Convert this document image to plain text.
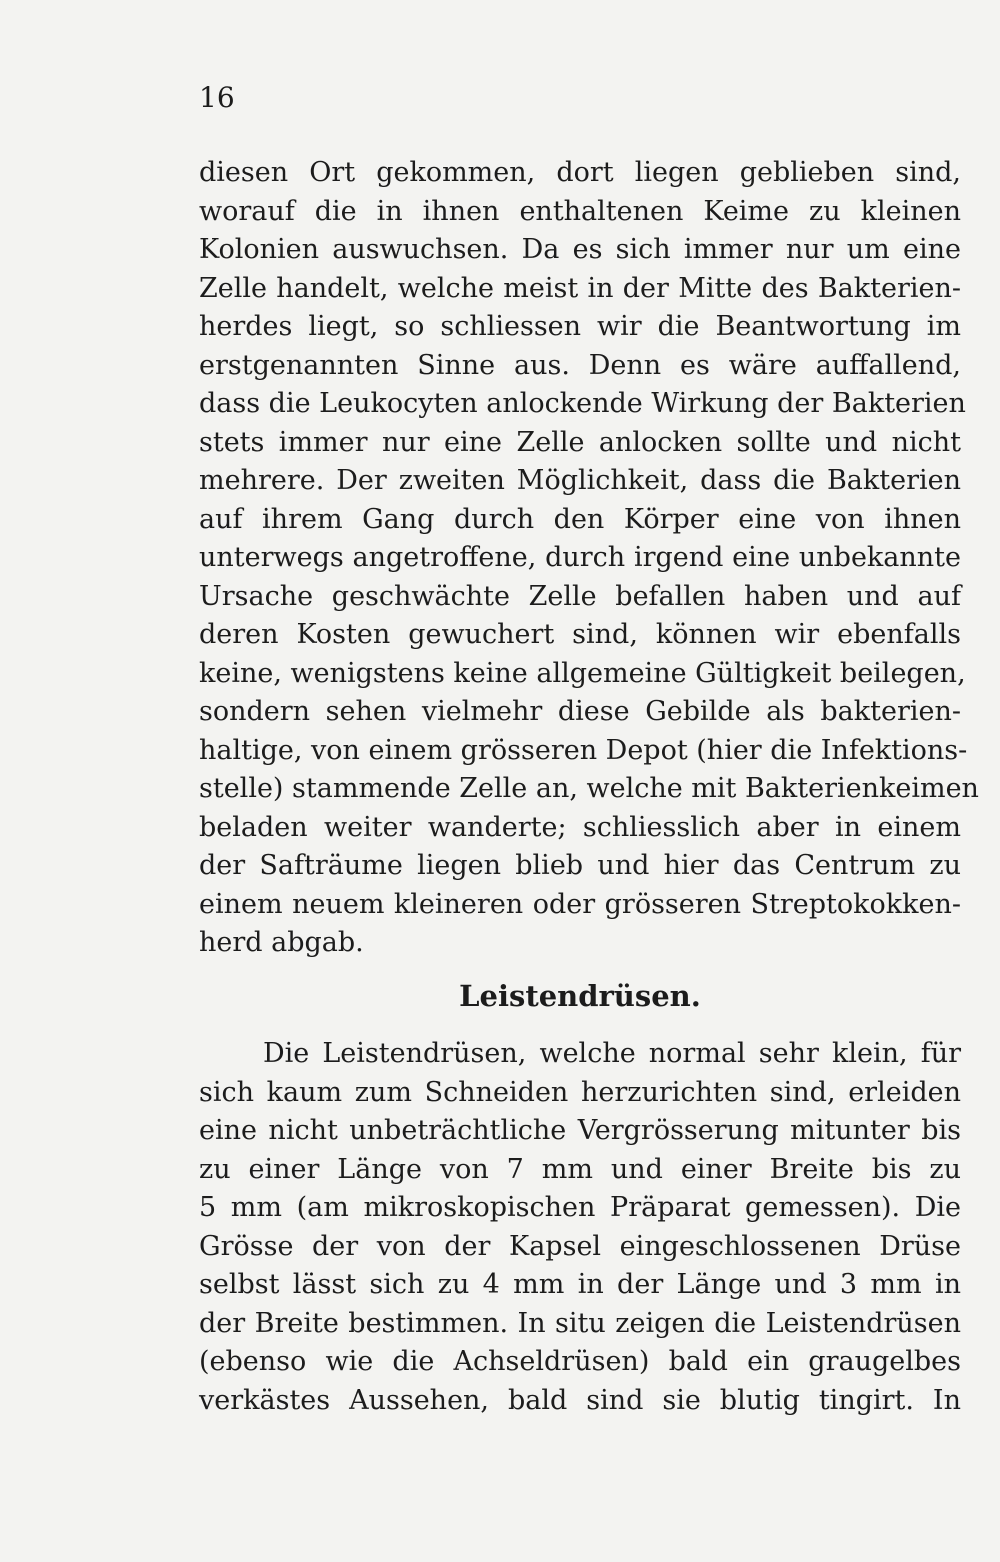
16
diesen Ort gekommen, dort liegen geblieben sind,
worauf die in ihnen enthaltenen Keime zu kleinen
Kolonien auswuchsen. Da es sich immer nur um eine
Zelle handelt, welche meist in der Mitte des Bakterien-
herdes liegt, so schliessen wir die Beantwortung im
erstgenannten Sinne aus. Denn es wäre auffallend,
dass die Leukocyten anlockende Wirkung der Bakterien
stets immer nur eine Zelle anlocken sollte und nicht
mehrere. Der zweiten Möglichkeit, dass die Bakterien
auf ihrem Gang durch den Körper eine von ihnen
unterwegs angetroffene, durch irgend eine unbekannte
Ursache geschwächte Zelle befallen haben und auf
deren Kosten gewuchert sind, können wir ebenfalls
keine, wenigstens keine allgemeine Gültigkeit beilegen,
sondern sehen vielmehr diese Gebilde als bakterien-
haltige, von einem grösseren Depot (hier die Infektions-
stelle) stammende Zelle an, welche mit Bakterienkeimen
beladen weiter wanderte; schliesslich aber in einem
der Safträume liegen blieb und hier das Centrum zu
einem neuem kleineren oder grösseren Streptokokken-
herd abgab.
Leistendrüsen.
Die Leistendrüsen, welche normal sehr klein, für
sich kaum zum Schneiden herzurichten sind, erleiden
eine nicht unbeträchtliche Vergrösserung mitunter bis
zu einer Länge von 7 mm und einer Breite bis zu
5 mm (am mikroskopischen Präparat gemessen). Die
Grösse der von der Kapsel eingeschlossenen Drüse
selbst lässt sich zu 4 mm in der Länge und 3 mm in
der Breite bestimmen. In situ zeigen die Leistendrüsen
(ebenso wie die Achseldrüsen) bald ein graugelbes
verkästes Aussehen, bald sind sie blutig tingirt. In
